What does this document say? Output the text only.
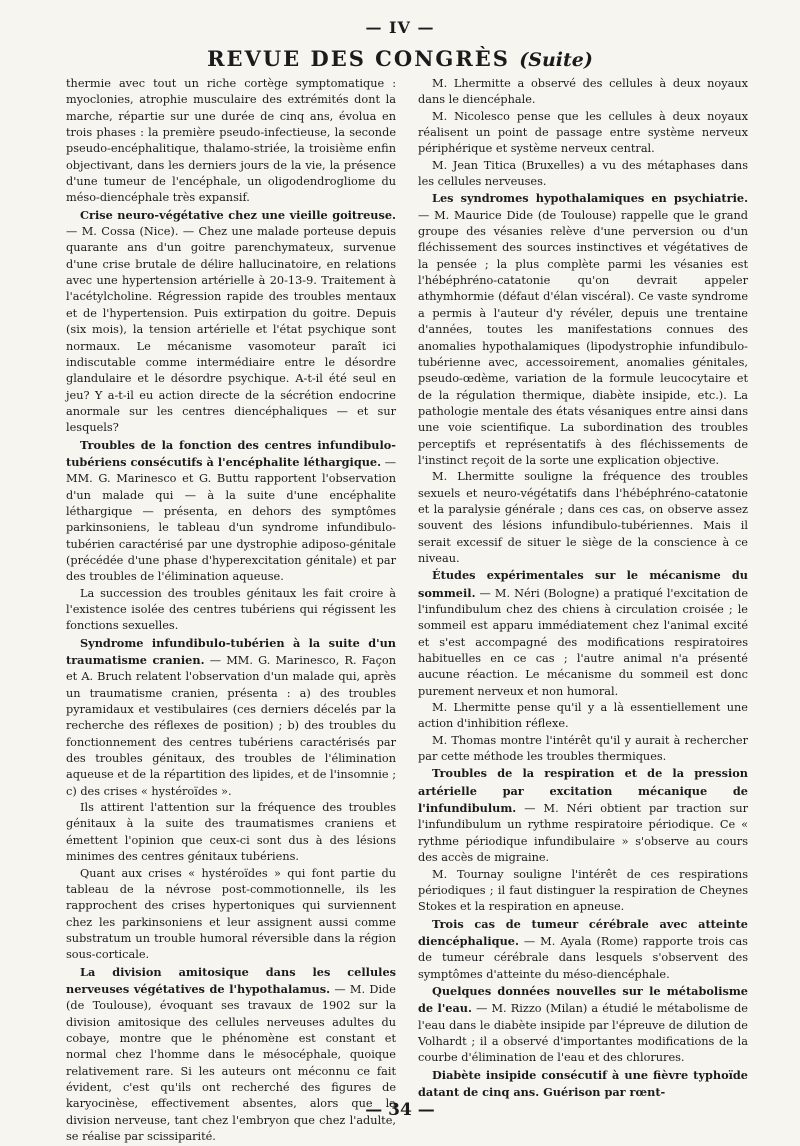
— IV —
REVUE DES CONGRÈS (Suite)

thermie avec tout un riche cortège symptomatique : myoclonies, atrophie musculaire des extrémités dont la marche, répartie sur une durée de cinq ans, évolua en trois phases : la première pseudo-infectieuse, la seconde pseudo-encéphalitique, thalamo-striée, la troisième enfin objectivant, dans les derniers jours de la vie, la présence d'une tumeur de l'encéphale, un oligodendrogliome du méso-diencéphale très expansif.

Crise neuro-végétative chez une vieille goitreuse. — M. Cossa (Nice). — Chez une malade porteuse depuis quarante ans d'un goitre parenchymateux, survenue d'une crise brutale de délire hallucinatoire, en relations avec une hypertension artérielle à 20-13-9. Traitement à l'acétylcholine. Régression rapide des troubles mentaux et de l'hypertension. Puis extirpation du goitre. Depuis (six mois), la tension artérielle et l'état psychique sont normaux. Le mécanisme vasomoteur paraît ici indiscutable comme intermédiaire entre le désordre glandulaire et le désordre psychique. A-t-il été seul en jeu? Y a-t-il eu action directe de la sécrétion endocrine anormale sur les centres diencéphaliques — et sur lesquels?

Troubles de la fonction des centres infundibulo-tubériens consécutifs à l'encéphalite léthargique. — MM. G. Marinesco et G. Buttu rapportent l'observation d'un malade qui — à la suite d'une encéphalite léthargique — présenta, en dehors des symptômes parkinsoniens, le tableau d'un syndrome infundibulo-tubérien caractérisé par une dystrophie adiposo-génitale (précédée d'une phase d'hyperexcitation génitale) et par des troubles de l'élimination aqueuse.

La succession des troubles génitaux les fait croire à l'existence isolée des centres tubériens qui régissent les fonctions sexuelles.

Syndrome infundibulo-tubérien à la suite d'un traumatisme cranien. — MM. G. Marinesco, R. Façon et A. Bruch relatent l'observation d'un malade qui, après un traumatisme cranien, présenta : a) des troubles pyramidaux et vestibulaires (ces derniers décelés par la recherche des réflexes de position) ; b) des troubles du fonctionnement des centres tubériens caractérisés par des troubles génitaux, des troubles de l'élimination aqueuse et de la répartition des lipides, et de l'insomnie ; c) des crises « hystéroïdes ».

Ils attirent l'attention sur la fréquence des troubles génitaux à la suite des traumatismes craniens et émettent l'opinion que ceux-ci sont dus à des lésions minimes des centres génitaux tubériens.

Quant aux crises « hystéroïdes » qui font partie du tableau de la névrose post-commotionnelle, ils les rapprochent des crises hypertoniques qui surviennent chez les parkinsoniens et leur assignent aussi comme substratum un trouble humoral réversible dans la région sous-corticale.

La division amitosique dans les cellules nerveuses végétatives de l'hypothalamus. — M. Dide (de Toulouse), évoquant ses travaux de 1902 sur la division amitosique des cellules nerveuses adultes du cobaye, montre que le phénomène est constant et normal chez l'homme dans le mésocéphale, quoique relativement rare. Si les auteurs ont méconnu ce fait évident, c'est qu'ils ont recherché des figures de karyocinèse, effectivement absentes, alors que la division nerveuse, tant chez l'embryon que chez l'adulte, se réalise par scissiparité.

M. Lhermitte a observé des cellules à deux noyaux dans le diencéphale.

M. Nicolesco pense que les cellules à deux noyaux réalisent un point de passage entre système nerveux périphérique et système nerveux central.

M. Jean Titica (Bruxelles) a vu des métaphases dans les cellules nerveuses.

Les syndromes hypothalamiques en psychiatrie. — M. Maurice Dide (de Toulouse) rappelle que le grand groupe des vésanies relève d'une perversion ou d'un fléchissement des sources instinctives et végétatives de la pensée ; la plus complète parmi les vésanies est l'hébéphréno-catatonie qu'on devrait appeler athymhormie (défaut d'élan viscéral). Ce vaste syndrome a permis à l'auteur d'y révéler, depuis une trentaine d'années, toutes les manifestations connues des anomalies hypothalamiques (lipodystrophie infundibulo-tubérienne avec, accessoirement, anomalies génitales, pseudo-œdème, variation de la formule leucocytaire et de la régulation thermique, diabète insipide, etc.). La pathologie mentale des états vésaniques entre ainsi dans une voie scientifique. La subordination des troubles perceptifs et représentatifs à des fléchissements de l'instinct reçoit de la sorte une explication objective.

M. Lhermitte souligne la fréquence des troubles sexuels et neuro-végétatifs dans l'hébéphréno-catatonie et la paralysie générale ; dans ces cas, on observe assez souvent des lésions infundibulo-tubériennes. Mais il serait excessif de situer le siège de la conscience à ce niveau.

Études expérimentales sur le mécanisme du sommeil. — M. Néri (Bologne) a pratiqué l'excitation de l'infundibulum chez des chiens à circulation croisée ; le sommeil est apparu immédiatement chez l'animal excité et s'est accompagné des modifications respiratoires habituelles en ce cas ; l'autre animal n'a présenté aucune réaction. Le mécanisme du sommeil est donc purement nerveux et non humoral.

M. Lhermitte pense qu'il y a là essentiellement une action d'inhibition réflexe.

M. Thomas montre l'intérêt qu'il y aurait à rechercher par cette méthode les troubles thermiques.

Troubles de la respiration et de la pression artérielle par excitation mécanique de l'infundibulum. — M. Néri obtient par traction sur l'infundibulum un rythme respiratoire périodique. Ce « rythme périodique infundibulaire » s'observe au cours des accès de migraine.

M. Tournay souligne l'intérêt de ces respirations périodiques ; il faut distinguer la respiration de Cheynes Stokes et la respiration en apneuse.

Trois cas de tumeur cérébrale avec atteinte diencéphalique. — M. Ayala (Rome) rapporte trois cas de tumeur cérébrale dans lesquels s'observent des symptômes d'atteinte du méso-diencéphale.

Quelques données nouvelles sur le métabolisme de l'eau. — M. Rizzo (Milan) a étudié le métabolisme de l'eau dans le diabète insipide par l'épreuve de dilution de Volhardt ; il a observé d'importantes modifications de la courbe d'élimination de l'eau et des chlorures.

Diabète insipide consécutif à une fièvre typhoïde datant de cinq ans. Guérison par rœnt-

— 34 —
